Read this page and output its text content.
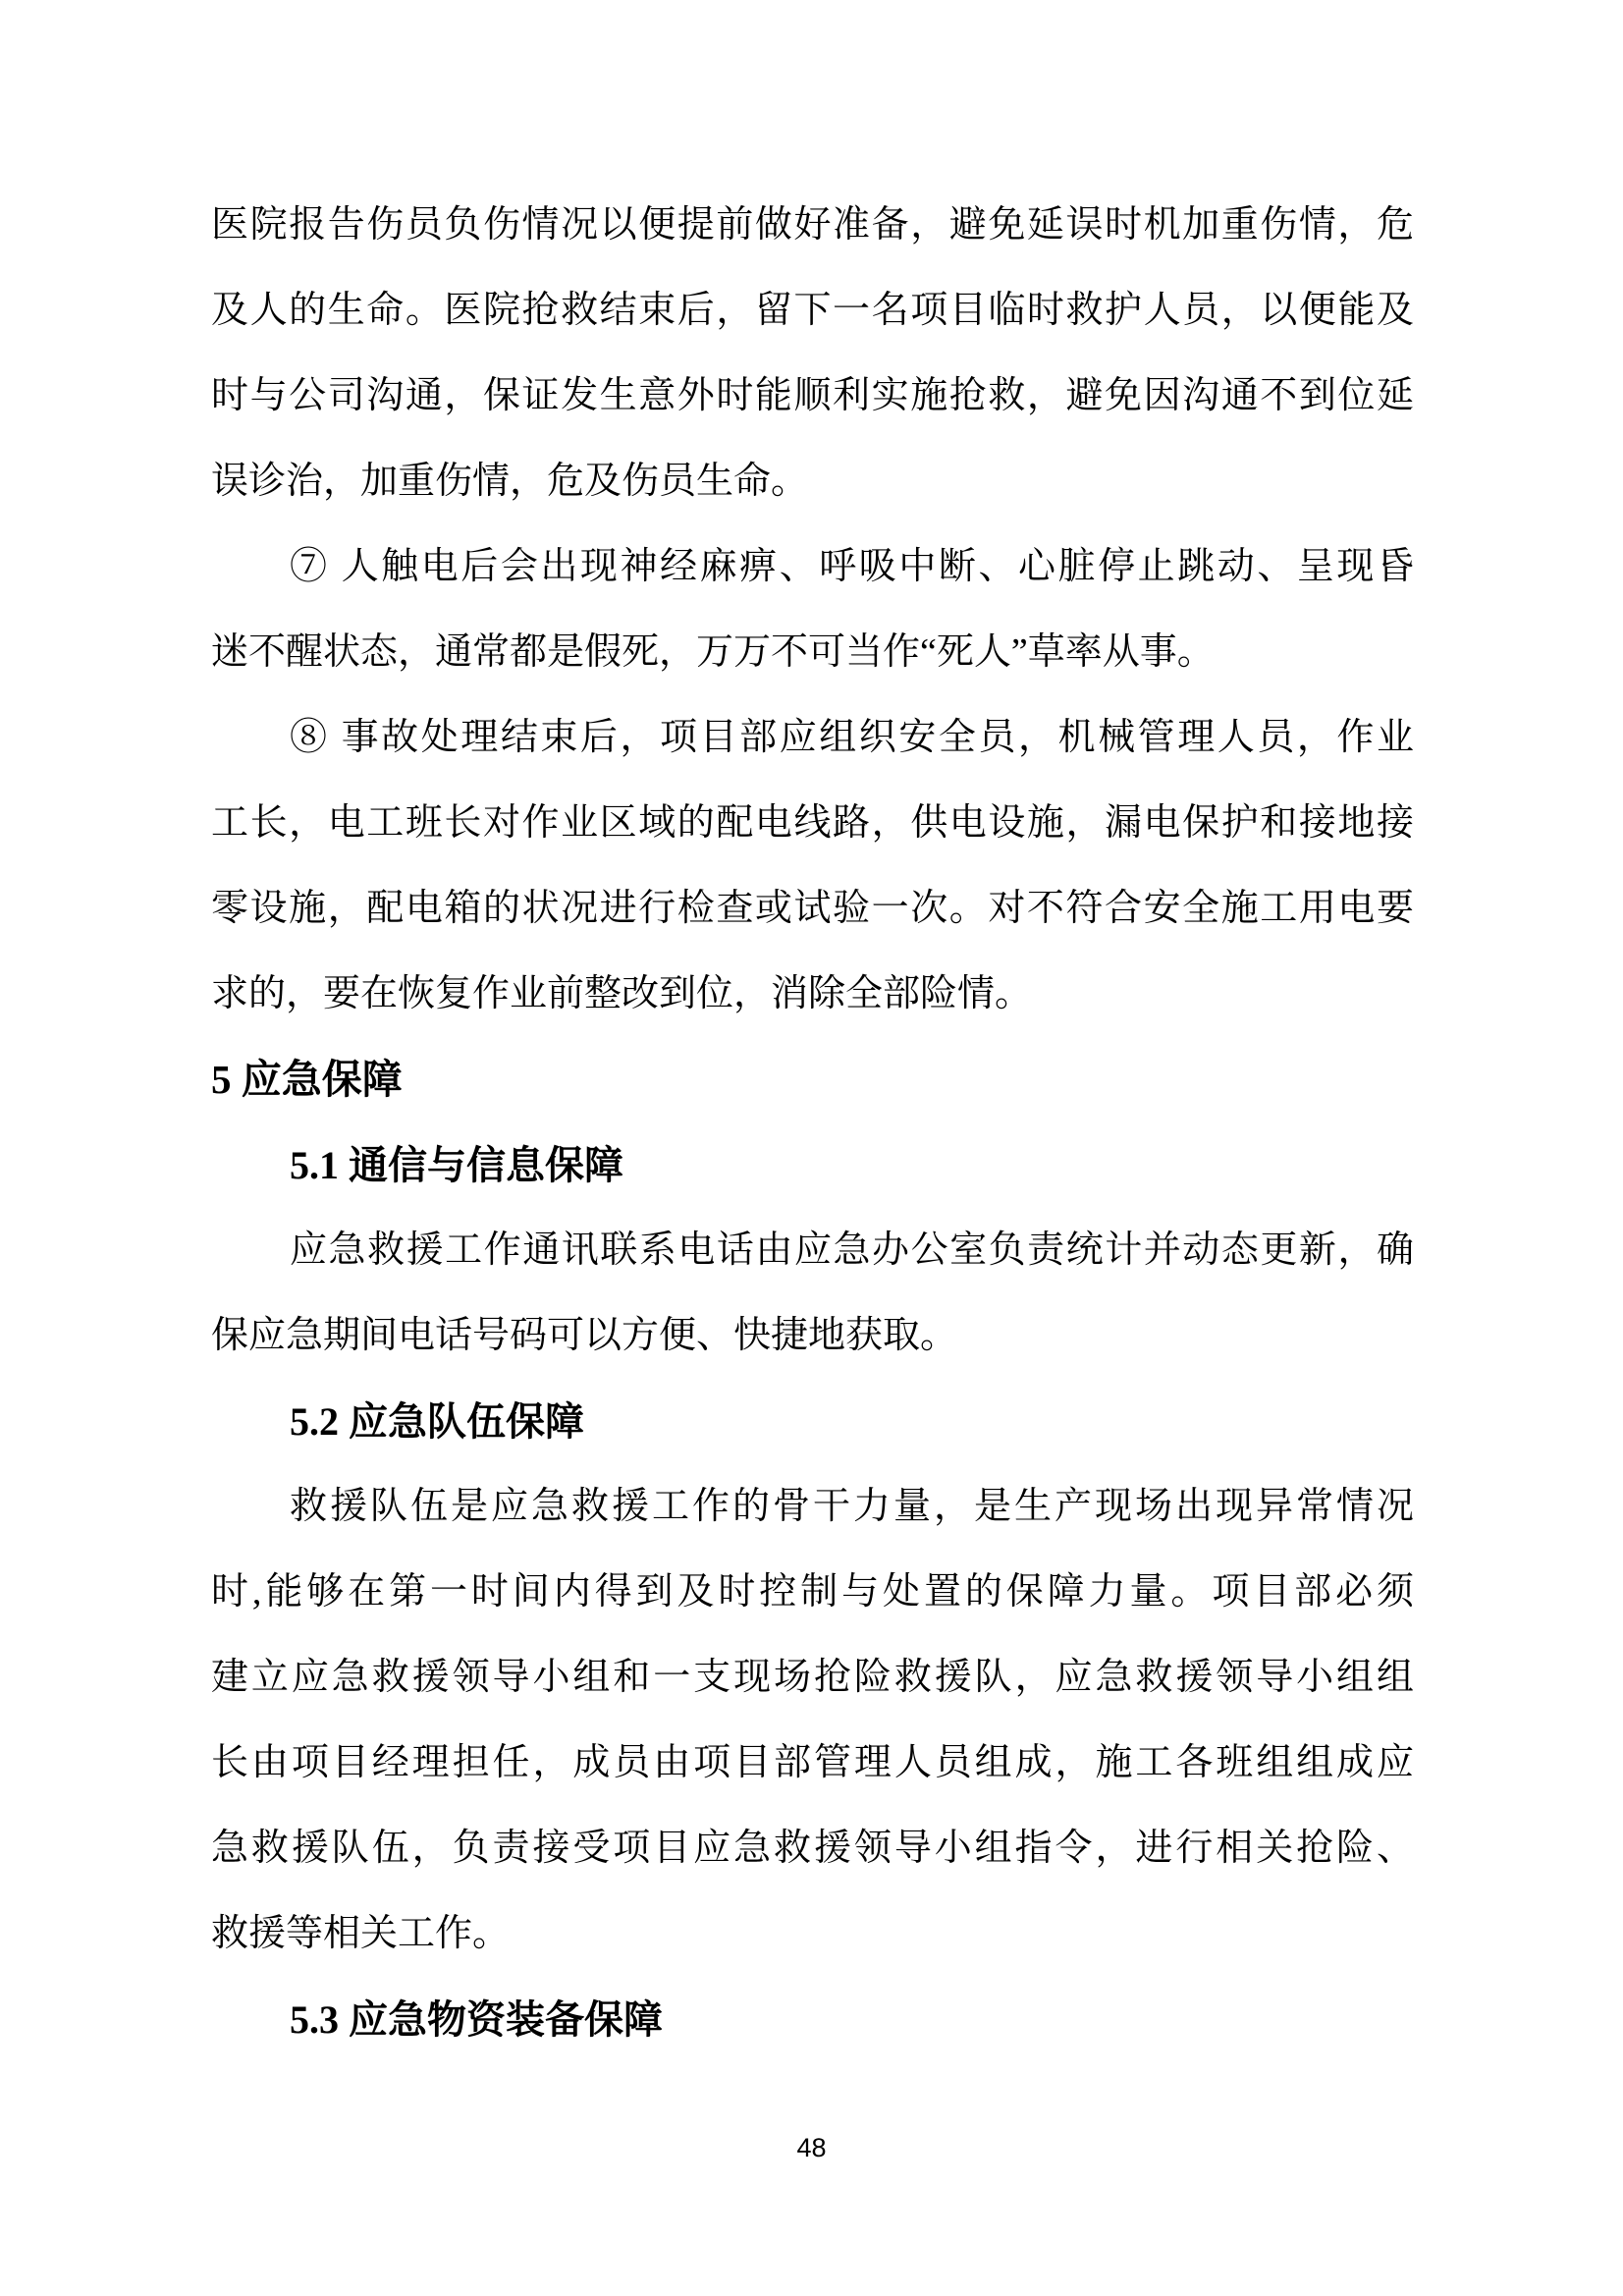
医院报告伤员负伤情况以便提前做好准备，避免延误时机加重伤情，危
及人的生命。医院抢救结束后，留下一名项目临时救护人员，以便能及
时与公司沟通，保证发生意外时能顺利实施抢救，避免因沟通不到位延
误诊治，加重伤情，危及伤员生命。
⑦ 人触电后会出现神经麻痹、呼吸中断、心脏停止跳动、呈现昏
迷不醒状态，通常都是假死，万万不可当作“死人”草率从事。
⑧ 事故处理结束后，项目部应组织安全员，机械管理人员，作业
工长，电工班长对作业区域的配电线路，供电设施，漏电保护和接地接
零设施，配电箱的状况进行检查或试验一次。对不符合安全施工用电要
求的，要在恢复作业前整改到位，消除全部险情。
5 应急保障
5.1 通信与信息保障
应急救援工作通讯联系电话由应急办公室负责统计并动态更新，确
保应急期间电话号码可以方便、快捷地获取。
5.2 应急队伍保障
救援队伍是应急救援工作的骨干力量，是生产现场出现异常情况
时,能够在第一时间内得到及时控制与处置的保障力量。项目部必须
建立应急救援领导小组和一支现场抢险救援队，应急救援领导小组组
长由项目经理担任，成员由项目部管理人员组成，施工各班组组成应
急救援队伍，负责接受项目应急救援领导小组指令，进行相关抢险、
救援等相关工作。
5.3 应急物资装备保障
48
